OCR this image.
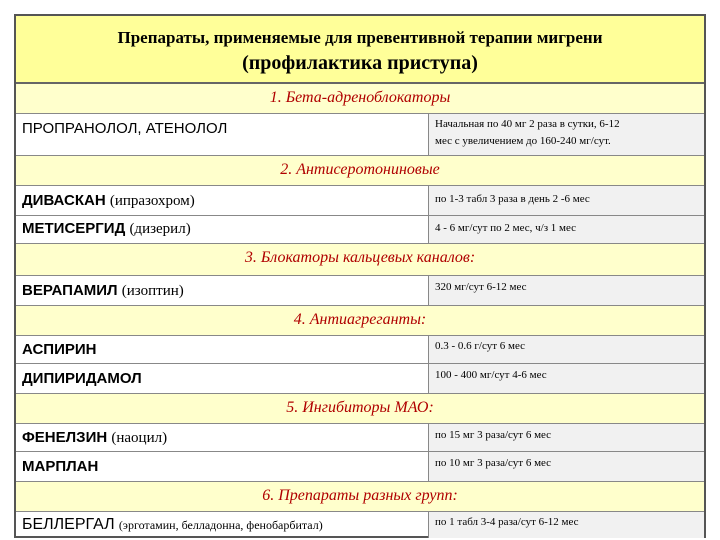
Препараты, применяемые для превентивной терапии мигрени
(профилактика приступа)
1. Бета-адреноблокаторы
ПРОПРАНОЛОЛ, АТЕНОЛОЛ	Начальная по 40 мг 2 раза в сутки, 6-12
мес с увеличением до 160-240 мг/сут.
2. Антисеротониновые
ДИВАСКАН (ипразохром)	по 1-3 табл 3 раза в день 2 -6 мес
МЕТИСЕРГИД (дизерил)	4 - 6 мг/сут по 2 мес, ч/з 1 мес
3. Блокаторы кальцевых каналов:
ВЕРАПАМИЛ (изоптин)	320 мг/сут 6-12 мес
4. Антиагреганты:
АСПИРИН	0.3 - 0.6 г/сут 6 мес
ДИПИРИДАМОЛ	100 - 400 мг/сут 4-6 мес
5. Ингибиторы МАО:
ФЕНЕЛЗИН (наоцил)	по 15 мг 3 раза/сут 6 мес
МАРПЛАН	по 10 мг 3 раза/сут 6 мес
6. Препараты разных групп:
БЕЛЛЕРГАЛ (эрготамин, белладонна, фенобарбитал)	по 1 табл 3-4 раза/сут 6-12 мес
